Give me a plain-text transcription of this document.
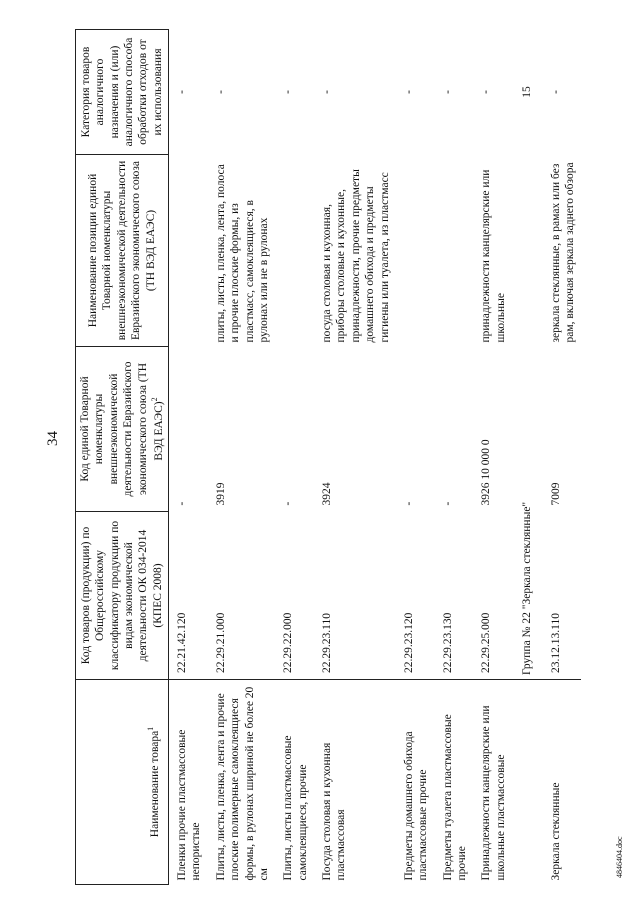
34
4846404.doc
Наименование товара$^1$	Код товаров (продукции) по Общероссийскому классификатору продукции по видам экономической деятельности ОК 034-2014 (КПЕС 2008)	Код единой Товарной номенклатуры внешнеэкономической деятельности Евразийского экономического союза (ТН ВЭД ЕАЭС)$^2$	Наименование позиции единой Товарной номенклатуры внешнеэкономической деятельности Евразийского экономического союза (ТН ВЭД ЕАЭС)	Категория товаров аналогичного назначения и (или) аналогичного способа обработки отходов от их использования
Пленки прочие пластмассовые непористые	22.21.42.120	-		-
Плиты, листы, пленка, лента и прочие плоские полимерные самоклеящиеся формы, в рулонах шириной не более 20 см	22.29.21.000	3919	плиты, листы, пленка, лента, полоса и прочие плоские формы, из пластмасс, самоклеящиеся, в рулонах или не в рулонах	-
Плиты, листы пластмассовые самоклеящиеся, прочие	22.29.22.000	-		-
Посуда столовая и кухонная пластмассовая	22.29.23.110	3924	посуда столовая и кухонная, приборы столовые и кухонные, принадлежности, прочие предметы домашнего обихода и предметы гигиены или туалета, из пластмасс	-
Предметы домашнего обихода пластмассовые прочие	22.29.23.120	-		-
Предметы туалета пластмассовые прочие	22.29.23.130	-		-
Принадлежности канцелярские или школьные пластмассовые	22.29.25.000	3926 10 000 0	принадлежности канцелярские или школьные	-
	Группа № 22 "Зеркала стеклянные"			15
Зеркала стеклянные	23.12.13.110	7009	зеркала стеклянные, в рамах или без рам, включая зеркала заднего обзора	-
